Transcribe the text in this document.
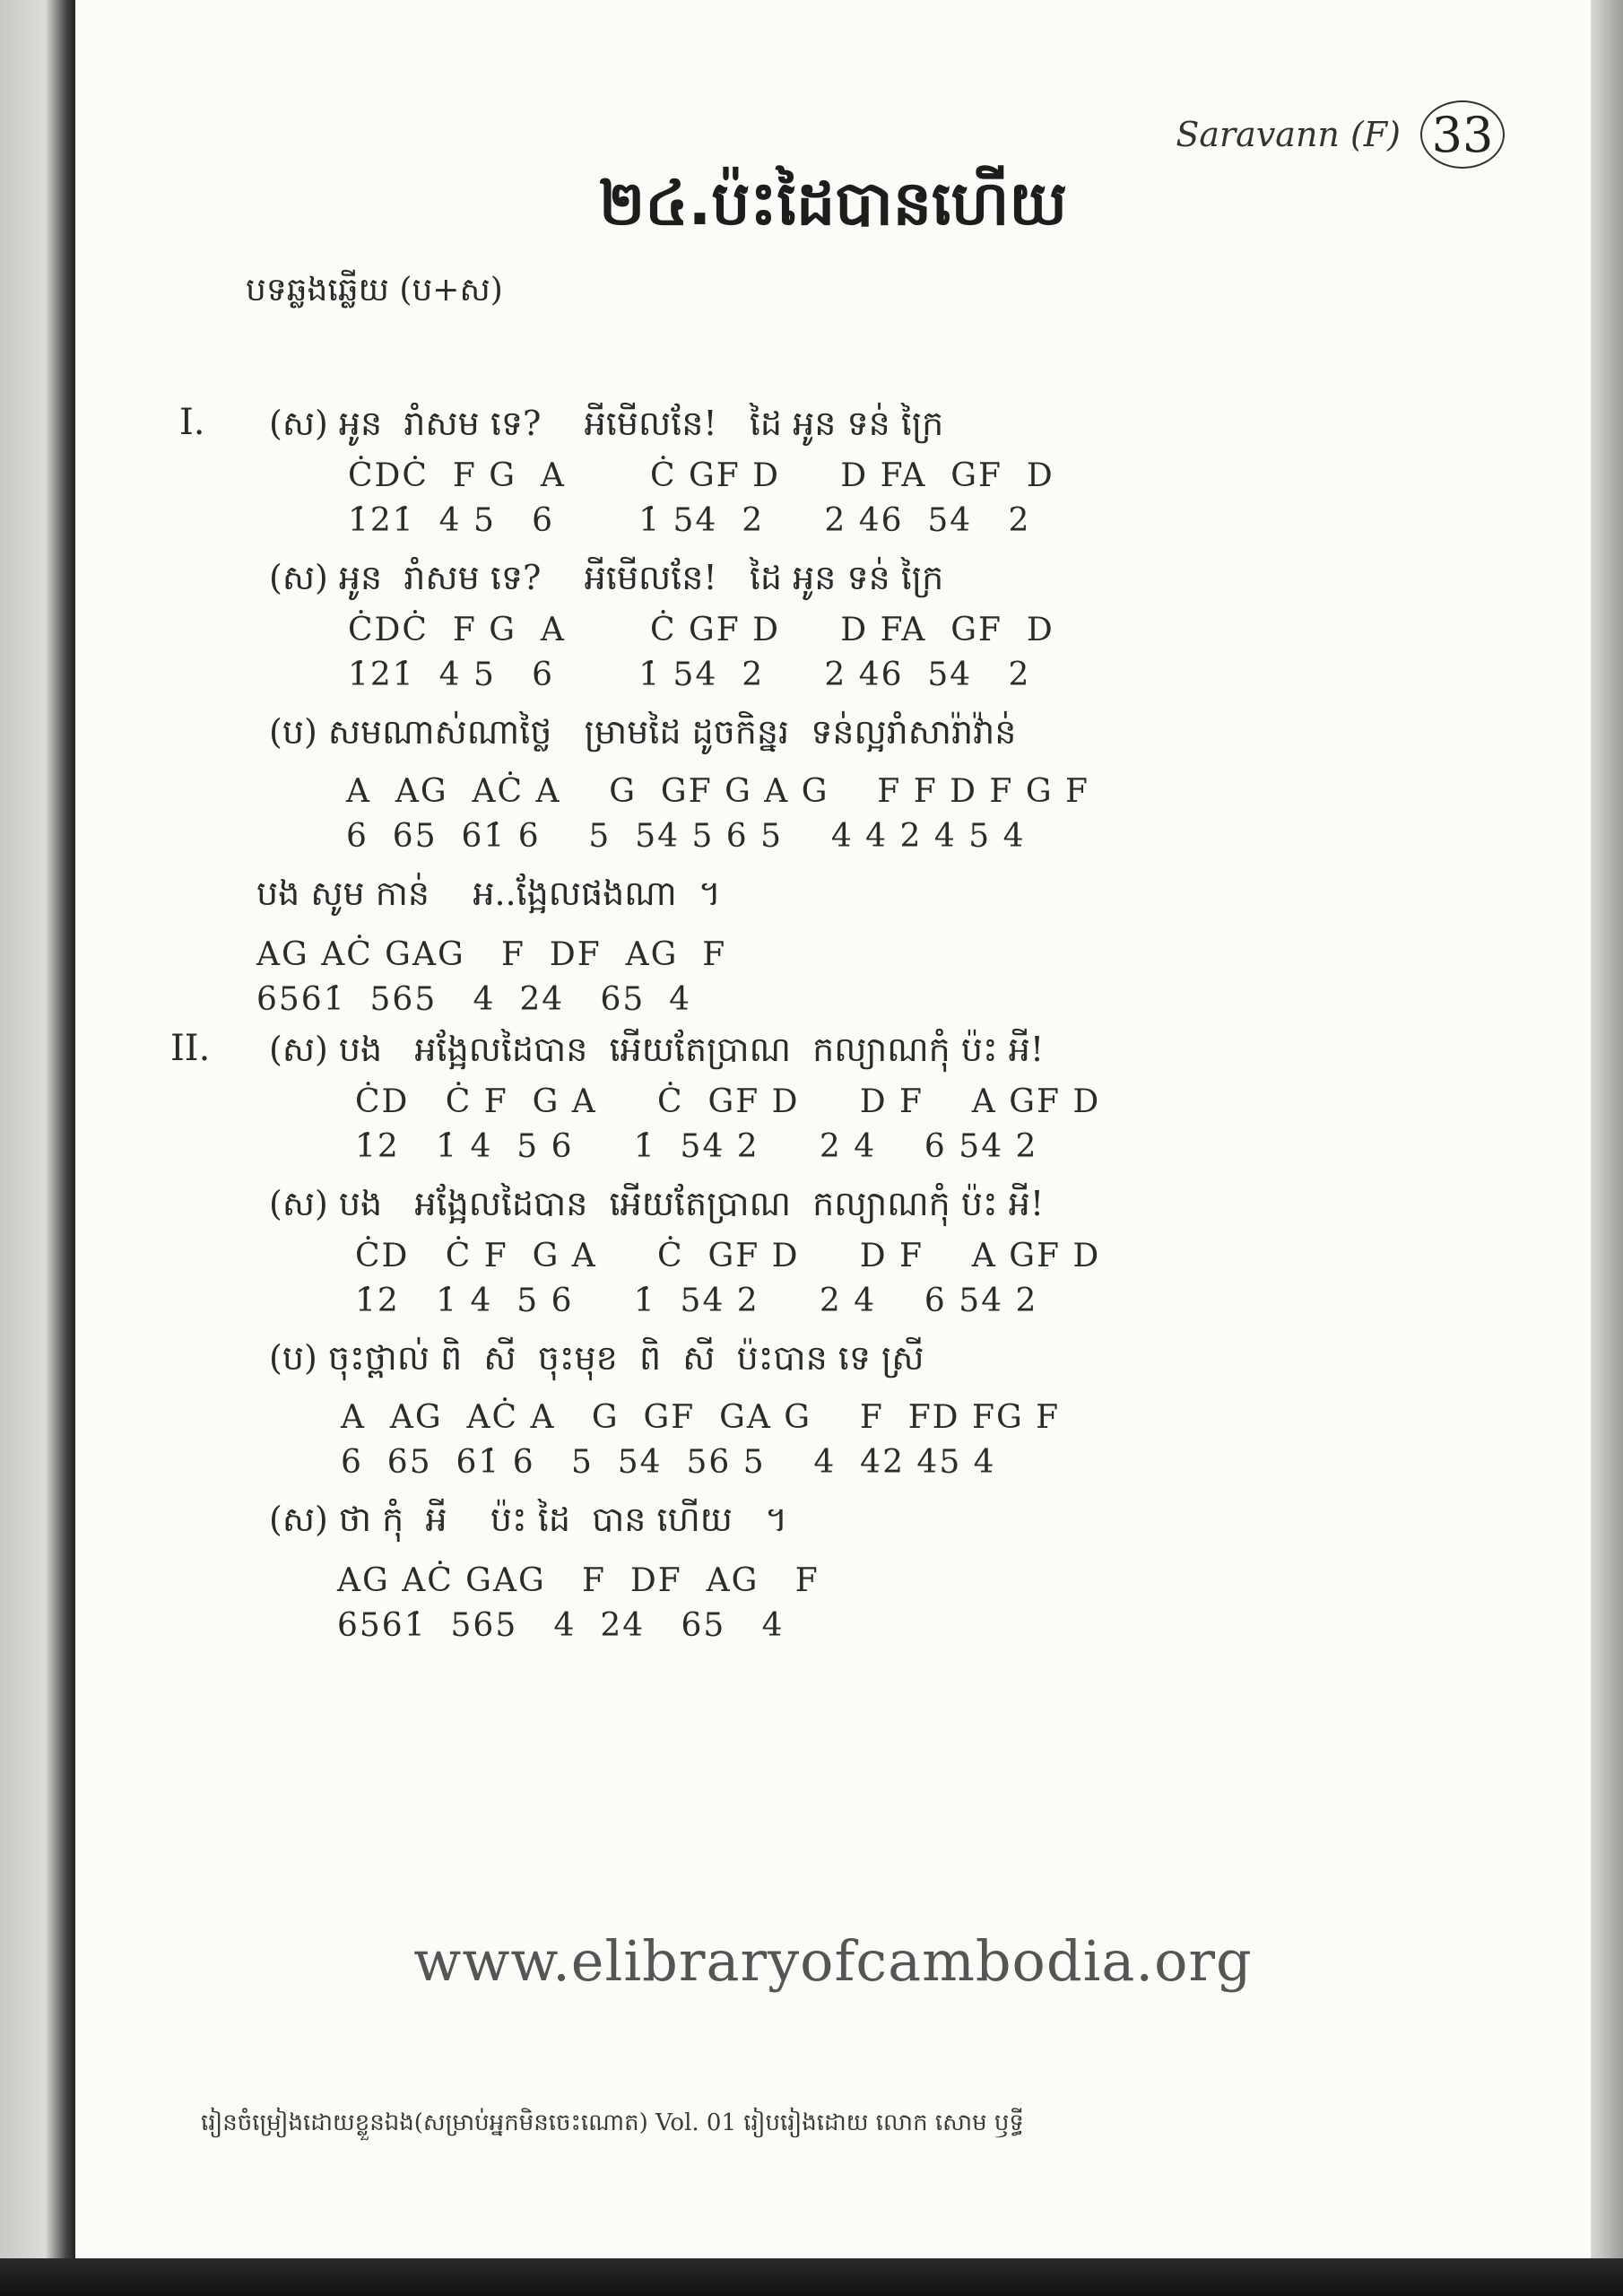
Saravann (F) 33
២៤.ប៉ះដៃបានហើយ
បទឆ្លងឆ្លើយ (ប+ស)
I. (ស) អូន  រាំសម ទេ?    អីមើលនែ!   ដៃ អូន ទន់ ក្រៃ
ĊDĊ  F G  A       Ċ GF D     D FA  GF  D
1̇21̇  4 5   6       1̇ 54  2     2 46  54   2
(ស) អូន  រាំសម ទេ?    អីមើលនែ!   ដៃ អូន ទន់ ក្រៃ
ĊDĊ  F G  A       Ċ GF D     D FA  GF  D
1̇21̇  4 5   6       1̇ 54  2     2 46  54   2
(ប) សមណាស់ណាថ្លៃ   ម្រាមដៃ ដូចកិន្នរ  ទន់ល្អរាំសារ៉ាវ៉ាន់
A  AG  AĊ A    G  GF G A G    F F D F G F
6  65  61̇ 6    5  54 5 6 5    4 4 2 4 5 4
បង សូម កាន់    អ..ង្អែលផងណា  ។
AG AĊ GAG   F  DF  AG  F
6561̇  565   4  24   65  4
II. (ស) បង   អង្អែលដៃបាន  អើយតែប្រាណ  កល្យាណកុំ ប៉ះ អី!
ĊD   Ċ F  G A     Ċ  GF D     D F    A GF D
1̇2   1̇ 4  5 6     1̇  54 2     2 4    6 54 2
(ស) បង   អង្អែលដៃបាន  អើយតែប្រាណ  កល្យាណកុំ ប៉ះ អី!
ĊD   Ċ F  G A     Ċ  GF D     D F    A GF D
1̇2   1̇ 4  5 6     1̇  54 2     2 4    6 54 2
(ប) ចុះថ្ពាល់ ពិ  សី  ចុះមុខ  ពិ  សី  ប៉ះបាន ទេ ស្រី
A  AG  AĊ A   G  GF  GA G    F  FD FG F
6  65  61̇ 6   5  54  56 5    4  42 45 4
(ស) ថា កុំ  អី    ប៉ះ ដៃ  បាន ហើយ   ។
AG AĊ GAG   F  DF  AG   F
6561̇  565   4  24   65   4
www.elibraryofcambodia.org
រៀនចំម្រៀងដោយខ្លួនឯង(សម្រាប់អ្នកមិនចេះណោត) Vol. 01 រៀបរៀងដោយ លោក សោម ឫទ្ធី
